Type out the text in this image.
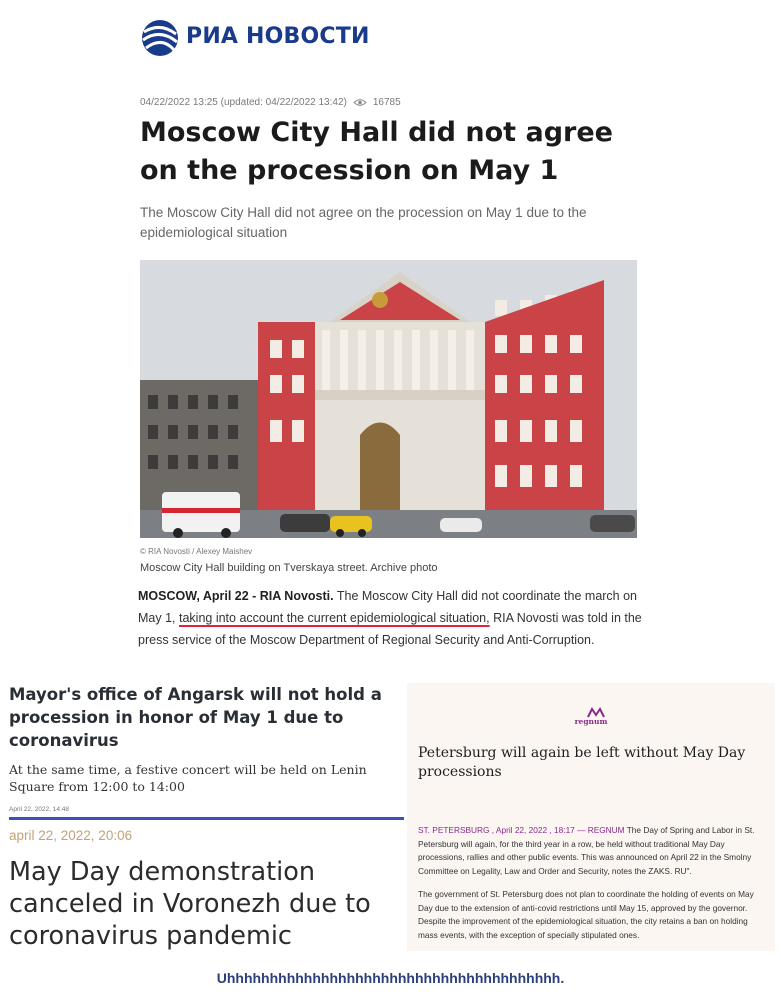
РИА НОВОСТИ
04/22/2022 13:25 (updated: 04/22/2022 13:42)	16785
Moscow City Hall did not agree on the procession on May 1
The Moscow City Hall did not agree on the procession on May 1 due to the epidemiological situation
© RIA Novosti / Alexey Maishev
Moscow City Hall building on Tverskaya street. Archive photo
MOSCOW, April 22 - RIA Novosti. The Moscow City Hall did not coordinate the march on May 1, taking into account the current epidemiological situation, RIA Novosti was told in the press service of the Moscow Department of Regional Security and Anti-Corruption.
Mayor's office of Angarsk will not hold a procession in honor of May 1 due to coronavirus
At the same time, a festive concert will be held on Lenin Square from 12:00 to 14:00
April 22, 2022, 14:48
april 22, 2022, 20:06
May Day demonstration canceled in Voronezh due to coronavirus pandemic
regnum
Petersburg will again be left without May Day processions

ST. PETERSBURG , April 22, 2022 , 18:17 — REGNUM The Day of Spring and Labor in St. Petersburg will again, for the third year in a row, be held without traditional May Day processions, rallies and other public events. This was announced on April 22 in the Smolny Committee on Legality, Law and Order and Security, notes the ZAKS. RU".

The government of St. Petersburg does not plan to coordinate the holding of events on May Day due to the extension of anti-covid restrictions until May 15, approved by the governor. Despite the improvement of the epidemiological situation, the city retains a ban on holding mass events, with the exception of specially stipulated ones.

Uhhhhhhhhhhhhhhhhhhhhhhhhhhhhhhhhhhhhhhh.
